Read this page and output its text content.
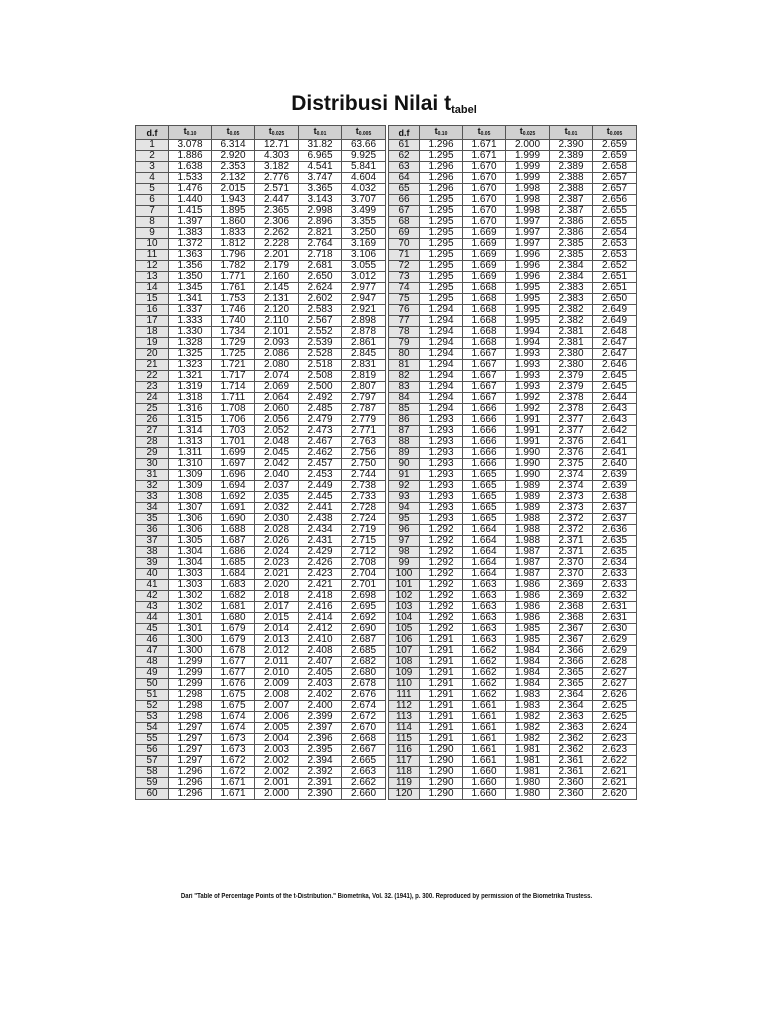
Distribusi Nilai $t_{tabel}$
d.f	$t_{0.10}$	$t_{0.05}$	$t_{0.025}$	$t_{0.01}$	$t_{0.005}$
1	3.078	6.314	12.71	31.82	63.66
2	1.886	2.920	4.303	6.965	9.925
3	1.638	2.353	3.182	4.541	5.841
4	1.533	2.132	2.776	3.747	4.604
5	1.476	2.015	2.571	3.365	4.032
6	1.440	1.943	2.447	3.143	3.707
7	1.415	1.895	2.365	2.998	3.499
8	1.397	1.860	2.306	2.896	3.355
9	1.383	1.833	2.262	2.821	3.250
10	1.372	1.812	2.228	2.764	3.169
11	1.363	1.796	2.201	2.718	3.106
12	1.356	1.782	2.179	2.681	3.055
13	1.350	1.771	2.160	2.650	3.012
14	1.345	1.761	2.145	2.624	2.977
15	1.341	1.753	2.131	2.602	2.947
16	1.337	1.746	2.120	2.583	2.921
17	1.333	1.740	2.110	2.567	2.898
18	1.330	1.734	2.101	2.552	2.878
19	1.328	1.729	2.093	2.539	2.861
20	1.325	1.725	2.086	2.528	2.845
21	1.323	1.721	2.080	2.518	2.831
22	1.321	1.717	2.074	2.508	2.819
23	1.319	1.714	2.069	2.500	2.807
24	1.318	1.711	2.064	2.492	2.797
25	1.316	1.708	2.060	2.485	2.787
26	1.315	1.706	2.056	2.479	2.779
27	1.314	1.703	2.052	2.473	2.771
28	1.313	1.701	2.048	2.467	2.763
29	1.311	1.699	2.045	2.462	2.756
30	1.310	1.697	2.042	2.457	2.750
31	1.309	1.696	2.040	2.453	2.744
32	1.309	1.694	2.037	2.449	2.738
33	1.308	1.692	2.035	2.445	2.733
34	1.307	1.691	2.032	2.441	2.728
35	1.306	1.690	2.030	2.438	2.724
36	1.306	1.688	2.028	2.434	2.719
37	1.305	1.687	2.026	2.431	2.715
38	1.304	1.686	2.024	2.429	2.712
39	1.304	1.685	2.023	2.426	2.708
40	1.303	1.684	2.021	2.423	2.704
41	1.303	1.683	2.020	2.421	2.701
42	1.302	1.682	2.018	2.418	2.698
43	1.302	1.681	2.017	2.416	2.695
44	1.301	1.680	2.015	2.414	2.692
45	1.301	1.679	2.014	2.412	2.690
46	1.300	1.679	2.013	2.410	2.687
47	1.300	1.678	2.012	2.408	2.685
48	1.299	1.677	2.011	2.407	2.682
49	1.299	1.677	2.010	2.405	2.680
50	1.299	1.676	2.009	2.403	2.678
51	1.298	1.675	2.008	2.402	2.676
52	1.298	1.675	2.007	2.400	2.674
53	1.298	1.674	2.006	2.399	2.672
54	1.297	1.674	2.005	2.397	2.670
55	1.297	1.673	2.004	2.396	2.668
56	1.297	1.673	2.003	2.395	2.667
57	1.297	1.672	2.002	2.394	2.665
58	1.296	1.672	2.002	2.392	2.663
59	1.296	1.671	2.001	2.391	2.662
60	1.296	1.671	2.000	2.390	2.660
d.f	$t_{0.10}$	$t_{0.05}$	$t_{0.025}$	$t_{0.01}$	$t_{0.005}$
61	1.296	1.671	2.000	2.390	2.659
62	1.295	1.671	1.999	2.389	2.659
63	1.296	1.670	1.999	2.389	2.658
64	1.296	1.670	1.999	2.388	2.657
65	1.296	1.670	1.998	2.388	2.657
66	1.295	1.670	1.998	2.387	2.656
67	1.295	1.670	1.998	2.387	2.655
68	1.295	1.670	1.997	2.386	2.655
69	1.295	1.669	1.997	2.386	2.654
70	1.295	1.669	1.997	2.385	2.653
71	1.295	1.669	1.996	2.385	2.653
72	1.295	1.669	1.996	2.384	2.652
73	1.295	1.669	1.996	2.384	2.651
74	1.295	1.668	1.995	2.383	2.651
75	1.295	1.668	1.995	2.383	2.650
76	1.294	1.668	1.995	2.382	2.649
77	1.294	1.668	1.995	2.382	2.649
78	1.294	1.668	1.994	2.381	2.648
79	1.294	1.668	1.994	2.381	2.647
80	1.294	1.667	1.993	2.380	2.647
81	1.294	1.667	1.993	2.380	2.646
82	1.294	1.667	1.993	2.379	2.645
83	1.294	1.667	1.993	2.379	2.645
84	1.294	1.667	1.992	2.378	2.644
85	1.294	1.666	1.992	2.378	2.643
86	1.293	1.666	1.991	2.377	2.643
87	1.293	1.666	1.991	2.377	2.642
88	1.293	1.666	1.991	2.376	2.641
89	1.293	1.666	1.990	2.376	2.641
90	1.293	1.666	1.990	2.375	2.640
91	1.293	1.665	1.990	2.374	2.639
92	1.293	1.665	1.989	2.374	2.639
93	1.293	1.665	1.989	2.373	2.638
94	1.293	1.665	1.989	2.373	2.637
95	1.293	1.665	1.988	2.372	2.637
96	1.292	1.664	1.988	2.372	2.636
97	1.292	1.664	1.988	2.371	2.635
98	1.292	1.664	1.987	2.371	2.635
99	1.292	1.664	1.987	2.370	2.634
100	1.292	1.664	1.987	2.370	2.633
101	1.292	1.663	1.986	2.369	2.633
102	1.292	1.663	1.986	2.369	2.632
103	1.292	1.663	1.986	2.368	2.631
104	1.292	1.663	1.986	2.368	2.631
105	1.292	1.663	1.985	2.367	2.630
106	1.291	1.663	1.985	2.367	2.629
107	1.291	1.662	1.984	2.366	2.629
108	1.291	1.662	1.984	2.366	2.628
109	1.291	1.662	1.984	2.365	2.627
110	1.291	1.662	1.984	2.365	2.627
111	1.291	1.662	1.983	2.364	2.626
112	1.291	1.661	1.983	2.364	2.625
113	1.291	1.661	1.982	2.363	2.625
114	1.291	1.661	1.982	2.363	2.624
115	1.291	1.661	1.982	2.362	2.623
116	1.290	1.661	1.981	2.362	2.623
117	1.290	1.661	1.981	2.361	2.622
118	1.290	1.660	1.981	2.361	2.621
119	1.290	1.660	1.980	2.360	2.621
120	1.290	1.660	1.980	2.360	2.620
Dari "Table of Percentage Points of the t-Distribution." Biometrika, Vol. 32. (1941), p. 300. Reproduced by permission of the Biometrika Trustess.
